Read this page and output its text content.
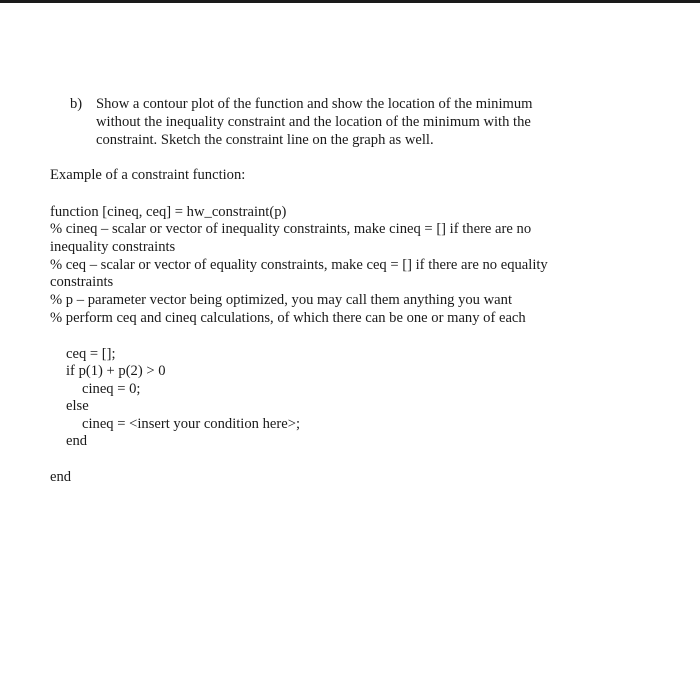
b) Show a contour plot of the function and show the location of the minimum
without the inequality constraint and the location of the minimum with the
constraint. Sketch the constraint line on the graph as well.
Example of a constraint function:
function [cineq, ceq] = hw_constraint(p)
% cineq – scalar or vector of inequality constraints, make cineq = [] if there are no
inequality constraints
% ceq – scalar or vector of equality constraints, make ceq = [] if there are no equality
constraints
% p – parameter vector being optimized, you may call them anything you want
% perform ceq and cineq calculations, of which there can be one or many of each
ceq = [];
if p(1) + p(2) > 0
cineq = 0;
else
cineq = <insert your condition here>;
end
end
